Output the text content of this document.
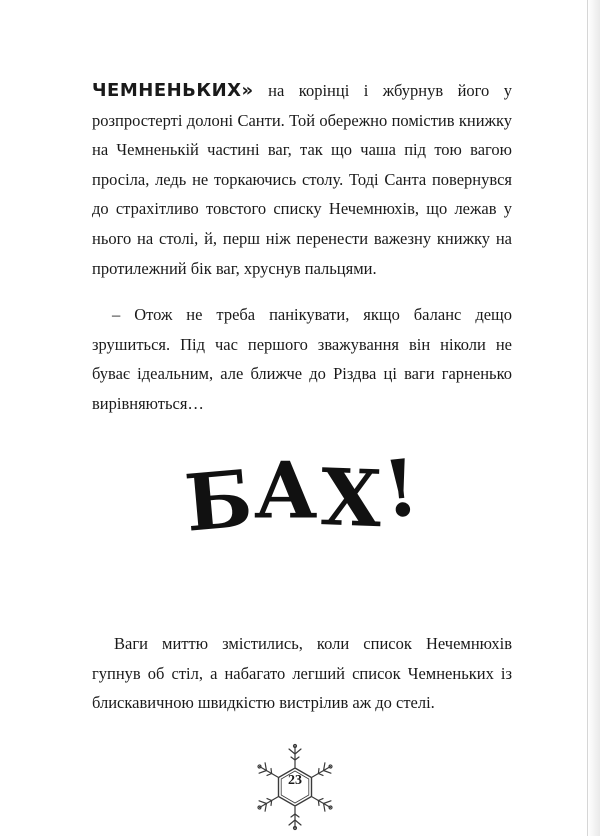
ЧЕМНЕНЬКИХ» на корінці і жбурнув його у розпростерті долоні Санти. Той обережно помістив книжку на Чемненькій частині ваг, так що чаша під тою вагою просіла, ледь не торкаючись столу. Тоді Санта повернувся до страхітливо товстого списку Нечемнюхів, що лежав у нього на столі, й, перш ніж перенести важезну книжку на протилежний бік ваг, хруснув пальцями.

– Отож не треба панікувати, якщо баланс дещо зрушиться. Під час першого зважування він ніколи не буває ідеальним, але ближче до Різдва ці ваги гарненько вирівняються…

БАХ!

Ваги миттю змістились, коли список Нечемнюхів гупнув об стіл, а набагато легший список Чемненьких із блискавичною швидкістю вистрілив аж до стелі.

23
